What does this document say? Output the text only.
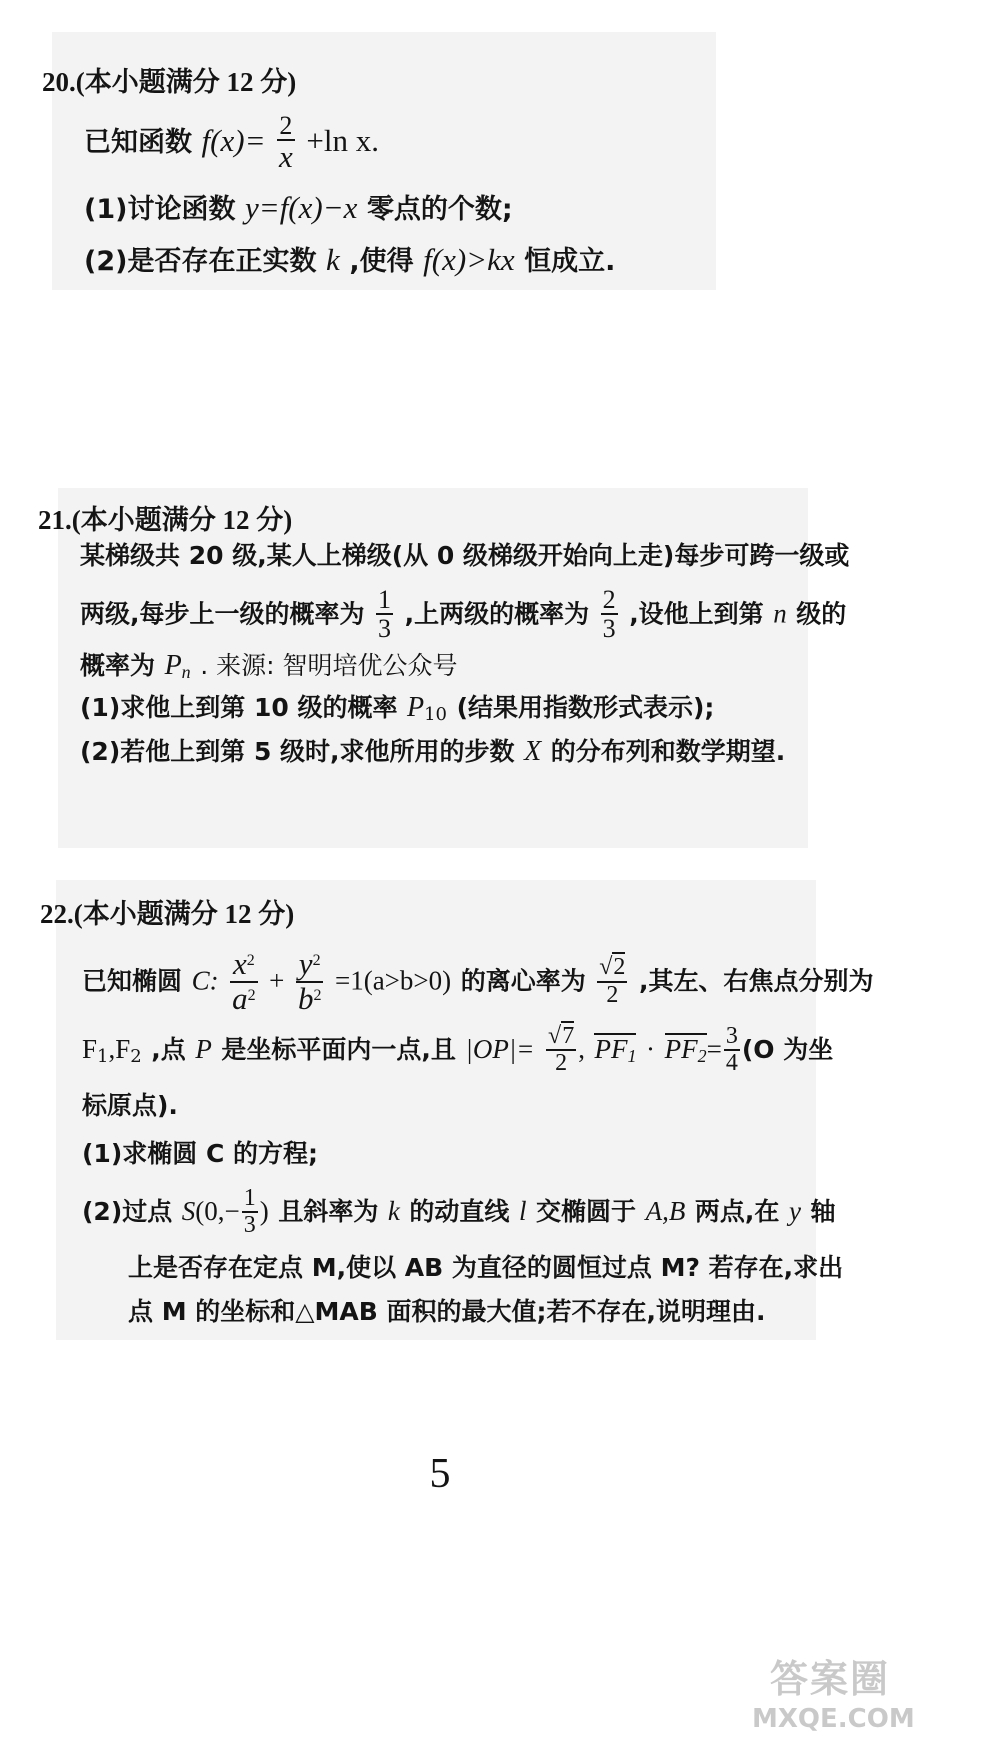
20.(本小题满分 12 分)
已知函数 $f(x)= \frac{2}{x} +\ln$ x.
(1)讨论函数 y=f(x)−x 零点的个数;
(2)是否存在正实数 k ,使得 f(x)>kx 恒成立.
21.(本小题满分 12 分)
某梯级共 20 级,某人上梯级(从 0 级梯级开始向上走)每步可跨一级或
两级,每步上一级的概率为 $\frac{1}{3}$ ,上两级的概率为 $\frac{2}{3}$ ,设他上到第 n 级的
概率为 $P_n$ . 来源: 智明培优公众号
(1)求他上到第 10 级的概率 $P_{10}$ (结果用指数形式表示);
(2)若他上到第 5 级时,求他所用的步数 X 的分布列和数学期望.
22.(本小题满分 12 分)
已知椭圆 C: $\frac{x^2}{a^2} + \frac{y^2}{b^2} =1(a>b>0)$ 的离心率为 $\frac{√2}{2}$ ,其左、右焦点分别为
$F_1,F_2$ ,点 P 是坐标平面内一点,且 $|OP|= \frac{√7}{2}$ , $PF_1 \cdot PF_2= \frac{3}{4} (O$ 为坐
标原点).
(1)求椭圆 C 的方程;
(2)过点 $S(0,- \frac{1}{3}$ ) 且斜率为 k 的动直线 l 交椭圆于 A,B 两点,在 y 轴
上是否存在定点 M,使以 AB 为直径的圆恒过点 M? 若存在,求出
点 M 的坐标和△MAB 面积的最大值;若不存在,说明理由.
5
答案圈
MXQE.COM
